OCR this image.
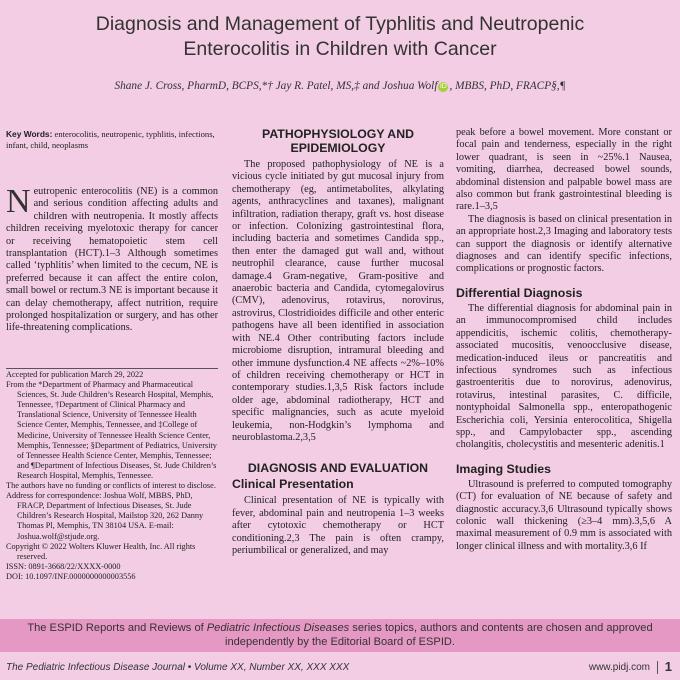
Diagnosis and Management of Typhlitis and Neutropenic
Enterocolitis in Children with Cancer
Shane J. Cross, PharmD, BCPS,*† Jay R. Patel, MS,‡ and Joshua Wolf iD , MBBS, PhD, FRACP§,¶
Key Words: enterocolitis, neutropenic, typhlitis, infections, infant, child, neoplasms
Neutropenic enterocolitis (NE) is a common and serious condition affecting adults and children with neutropenia. It mostly affects children receiving myelotoxic therapy for cancer or receiving hematopoietic stem cell transplantation (HCT).1–3 Although sometimes called ‘typhlitis’ when limited to the cecum, NE is preferred because it can affect the entire colon, small bowel or rectum.3 NE is important because it can delay chemotherapy, affect nutrition, require prolonged hospitalization or surgery, and has other life-threatening complications.

Accepted for publication March 29, 2022

From the *Department of Pharmacy and Pharmaceutical Sciences, St. Jude Children’s Research Hospital, Memphis, Tennessee, †Department of Clinical Pharmacy and Translational Science, University of Tennessee Health Science Center, Memphis, Tennessee, and ‡College of Medicine, University of Tennessee Health Science Center, Memphis, Tennessee; §Department of Pediatrics, University of Tennessee Health Science Center, Memphis, Tennessee; and ¶Department of Infectious Diseases, St. Jude Children’s Research Hospital, Memphis, Tennessee.

The authors have no funding or conflicts of interest to disclose.

Address for correspondence: Joshua Wolf, MBBS, PhD, FRACP, Department of Infectious Diseases, St. Jude Children’s Research Hospital, Mailstop 320, 262 Danny Thomas Pl, Memphis, TN 38104 USA. E-mail: Joshua.wolf@stjude.org.

Copyright © 2022 Wolters Kluwer Health, Inc. All rights reserved.

ISSN: 0891-3668/22/XXXX-0000

DOI: 10.1097/INF.0000000000003556

PATHOPHYSIOLOGY AND EPIDEMIOLOGY

The proposed pathophysiology of NE is a vicious cycle initiated by gut mucosal injury from chemotherapy (eg, antimetabolites, alkylating agents, anthracyclines and taxanes), malignant infiltration, radiation therapy, graft vs. host disease or infection. Colonizing gastrointestinal flora, including bacteria and sometimes Candida spp., then enter the damaged gut wall and, without neutrophil clearance, cause further mucosal damage.4 Gram-negative, Gram-positive and anaerobic bacteria and Candida, cytomegalovirus (CMV), adenovirus, rotavirus, norovirus, astrovirus, Clostridioides difficile and other enteric pathogens have all been identified in association with NE.4 Other contributing factors include microbiome disruption, intramural bleeding and other immune dysfunction.4 NE affects ~2%–10% of children receiving chemotherapy or HCT in contemporary studies.1,3,5 Risk factors include older age, abdominal radiotherapy, HCT and specific malignancies, such as acute myeloid leukemia, non-Hodgkin’s lymphoma and neuroblastoma.2,3,5

DIAGNOSIS AND EVALUATION
Clinical Presentation

Clinical presentation of NE is typically with fever, abdominal pain and neutropenia 1–3 weeks after cytotoxic chemotherapy or HCT conditioning.2,3 The pain is often crampy, periumbilical or generalized, and may

peak before a bowel movement. More constant or focal pain and tenderness, especially in the right lower quadrant, is seen in ~25%.1 Nausea, vomiting, diarrhea, decreased bowel sounds, abdominal distension and palpable bowel mass are also common but frank gastrointestinal bleeding is rare.1–3,5

The diagnosis is based on clinical presentation in an appropriate host.2,3 Imaging and laboratory tests can support the diagnosis or identify alternative diagnoses and can identify specific infections, complications or prognostic factors.

Differential Diagnosis

The differential diagnosis for abdominal pain in an immunocompromised child includes appendicitis, ischemic colitis, chemotherapy-associated mucositis, venoocclusive disease, medication-induced ileus or pancreatitis and infectious syndromes such as infectious gastroenteritis due to norovirus, adenovirus, rotavirus, intestinal parasites, C. difficile, nontyphoidal Salmonella spp., enteropathogenic Escherichia coli, Yersinia enterocolitica, Shigella spp., and Campylobacter spp., ascending cholangitis, cholecystitis and mesenteric adenitis.1

Imaging Studies

Ultrasound is preferred to computed tomography (CT) for evaluation of NE because of safety and diagnostic accuracy.3,6 Ultrasound typically shows colonic wall thickening (≥3–4 mm).3,5,6 A maximal measurement of 0.9 mm is associated with longer clinical illness and with mortality.3,6 If

The ESPID Reports and Reviews of Pediatric Infectious Diseases series topics, authors and contents are chosen and approved
independently by the Editorial Board of ESPID.
The Pediatric Infectious Disease Journal • Volume XX, Number XX, XXX XXX	www.pidj.com 1
